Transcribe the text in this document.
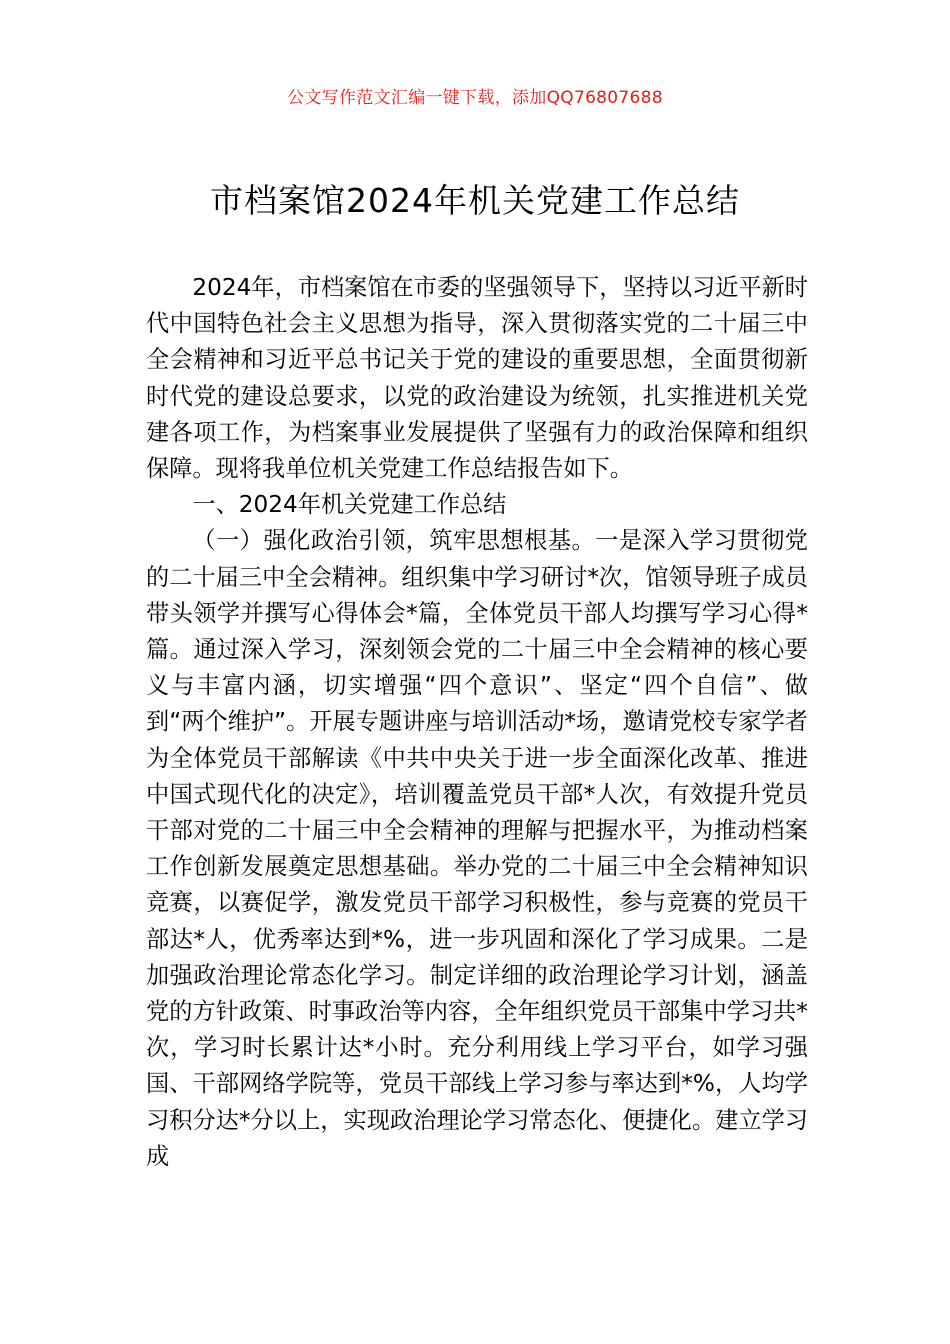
公文写作范文汇编一键下载，添加QQ76807688
市档案馆2024年机关党建工作总结

2024年，市档案馆在市委的坚强领导下，坚持以习近平新时代中国特色社会主义思想为指导，深入贯彻落实党的二十届三中全会精神和习近平总书记关于党的建设的重要思想，全面贯彻新时代党的建设总要求，以党的政治建设为统领，扎实推进机关党建各项工作，为档案事业发展提供了坚强有力的政治保障和组织保障。现将我单位机关党建工作总结报告如下。

一、2024年机关党建工作总结

（一）强化政治引领，筑牢思想根基。一是深入学习贯彻党的二十届三中全会精神。组织集中学习研讨*次，馆领导班子成员带头领学并撰写心得体会*篇，全体党员干部人均撰写学习心得*篇。通过深入学习，深刻领会党的二十届三中全会精神的核心要义与丰富内涵，切实增强“四个意识”、坚定“四个自信”、做到“两个维护”。开展专题讲座与培训活动*场，邀请党校专家学者为全体党员干部解读《中共中央关于进一步全面深化改革、推进中国式现代化的决定》，培训覆盖党员干部*人次，有效提升党员干部对党的二十届三中全会精神的理解与把握水平，为推动档案工作创新发展奠定思想基础。举办党的二十届三中全会精神知识竞赛，以赛促学，激发党员干部学习积极性，参与竞赛的党员干部达*人，优秀率达到*%，进一步巩固和深化了学习成果。二是加强政治理论常态化学习。制定详细的政治理论学习计划，涵盖党的方针政策、时事政治等内容，全年组织党员干部集中学习共*次，学习时长累计达*小时。充分利用线上学习平台，如学习强国、干部网络学院等，党员干部线上学习参与率达到*%，人均学习积分达*分以上，实现政治理论学习常态化、便捷化。建立学习成
